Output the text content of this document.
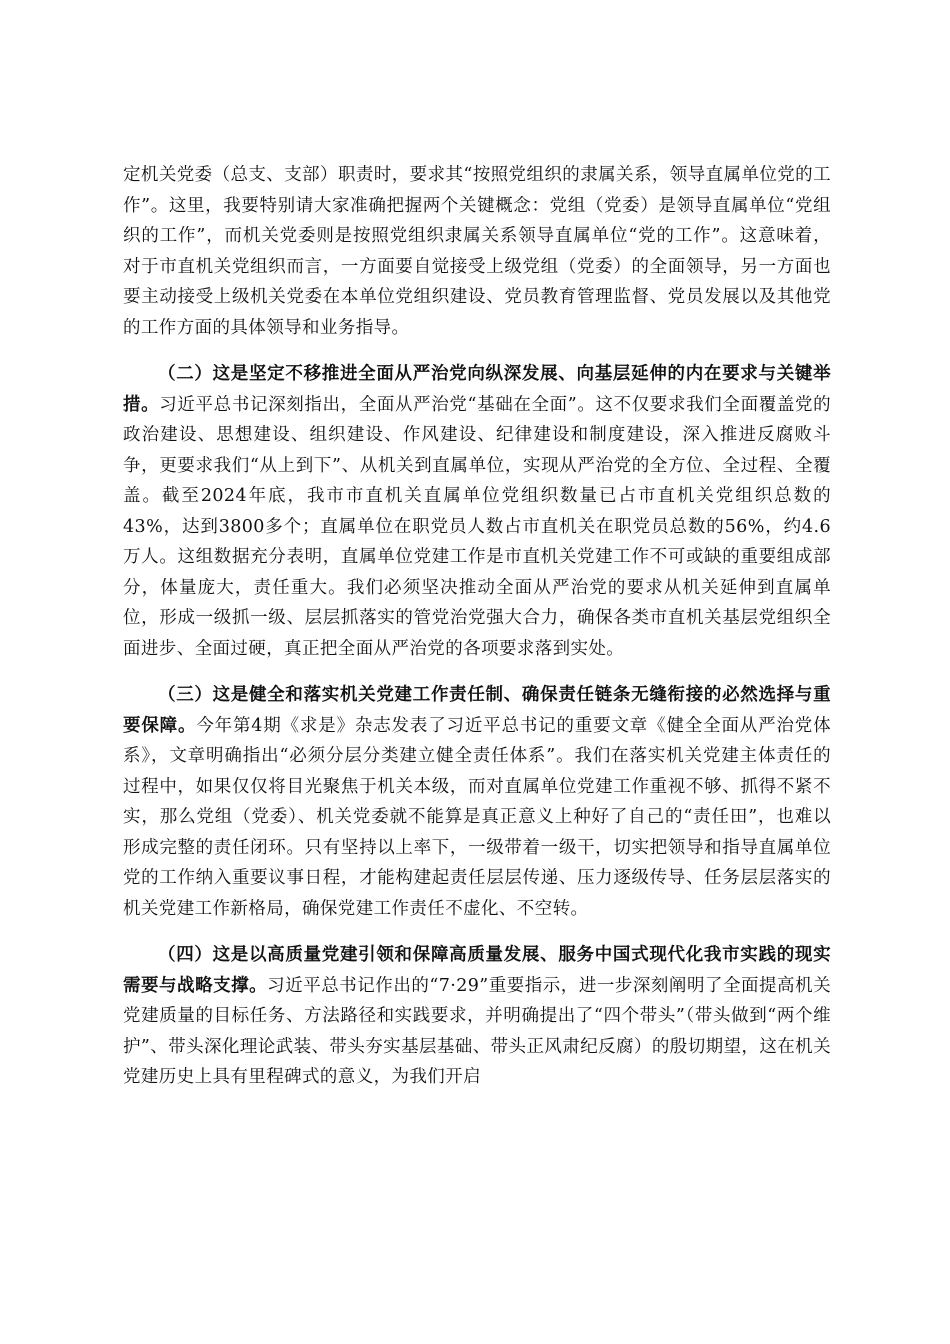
定机关党委（总支、支部）职责时，要求其“按照党组织的隶属关系，领导直属单位党的工作”。这里，我要特别请大家准确把握两个关键概念：党组（党委）是领导直属单位“党组织的工作”，而机关党委则是按照党组织隶属关系领导直属单位“党的工作”。这意味着，对于市直机关党组织而言，一方面要自觉接受上级党组（党委）的全面领导，另一方面也要主动接受上级机关党委在本单位党组织建设、党员教育管理监督、党员发展以及其他党的工作方面的具体领导和业务指导。

（二）这是坚定不移推进全面从严治党向纵深发展、向基层延伸的内在要求与关键举措。习近平总书记深刻指出，全面从严治党“基础在全面”。这不仅要求我们全面覆盖党的政治建设、思想建设、组织建设、作风建设、纪律建设和制度建设，深入推进反腐败斗争，更要求我们“从上到下”、从机关到直属单位，实现从严治党的全方位、全过程、全覆盖。截至2024年底，我市市直机关直属单位党组织数量已占市直机关党组织总数的43%，达到3800多个；直属单位在职党员人数占市直机关在职党员总数的56%，约4.6万人。这组数据充分表明，直属单位党建工作是市直机关党建工作不可或缺的重要组成部分，体量庞大，责任重大。我们必须坚决推动全面从严治党的要求从机关延伸到直属单位，形成一级抓一级、层层抓落实的管党治党强大合力，确保各类市直机关基层党组织全面进步、全面过硬，真正把全面从严治党的各项要求落到实处。

（三）这是健全和落实机关党建工作责任制、确保责任链条无缝衔接的必然选择与重要保障。今年第4期《求是》杂志发表了习近平总书记的重要文章《健全全面从严治党体系》，文章明确指出“必须分层分类建立健全责任体系”。我们在落实机关党建主体责任的过程中，如果仅仅将目光聚焦于机关本级，而对直属单位党建工作重视不够、抓得不紧不实，那么党组（党委）、机关党委就不能算是真正意义上种好了自己的“责任田”，也难以形成完整的责任闭环。只有坚持以上率下，一级带着一级干，切实把领导和指导直属单位党的工作纳入重要议事日程，才能构建起责任层层传递、压力逐级传导、任务层层落实的机关党建工作新格局，确保党建工作责任不虚化、不空转。

（四）这是以高质量党建引领和保障高质量发展、服务中国式现代化我市实践的现实需要与战略支撑。习近平总书记作出的“7·29”重要指示，进一步深刻阐明了全面提高机关党建质量的目标任务、方法路径和实践要求，并明确提出了“四个带头”（带头做到“两个维护”、带头深化理论武装、带头夯实基层基础、带头正风肃纪反腐）的殷切期望，这在机关党建历史上具有里程碑式的意义，为我们开启
